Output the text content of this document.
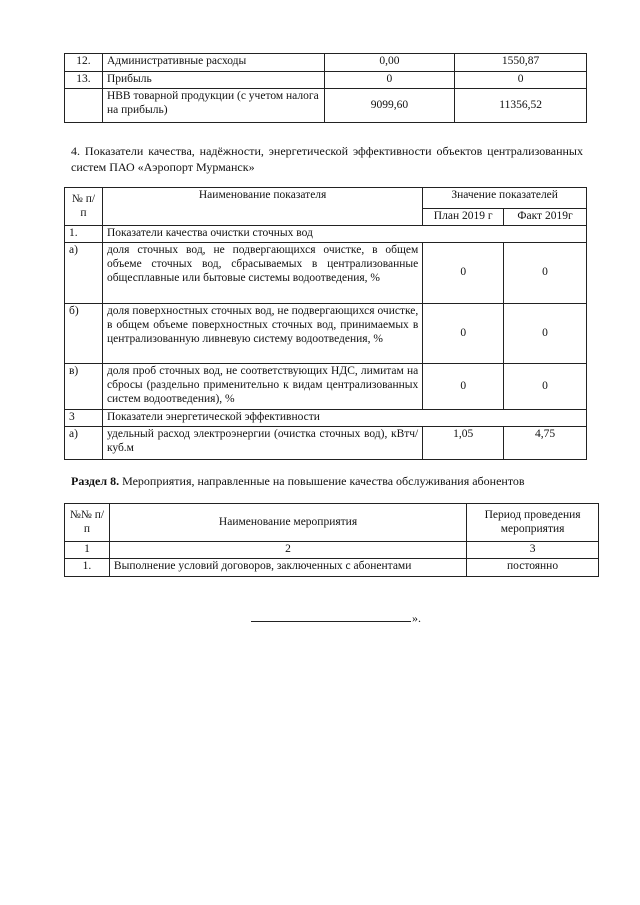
12.	Административные расходы	0,00	1550,87
13.	Прибыль	0	0
	НВВ товарной продукции (с учетом налога на прибыль)	9099,60	11356,52
4. Показатели качества, надёжности, энергетической эффективности объектов централизованных систем ПАО «Аэропорт Мурманск»
№ п/п	Наименование показателя	Значение показателей	
		План 2019 г	Факт 2019г
1.	Показатели качества очистки сточных вод		
а)	доля сточных вод, не подвергающихся очистке, в общем объеме сточных вод, сбрасываемых в централизованные общесплавные или бытовые системы водоотведения, %	0	0
б)	доля поверхностных сточных вод, не подвергающихся очистке, в общем объеме поверхностных сточных вод, принимаемых в централизованную ливневую систему водоотведения, %	0	0
в)	доля проб сточных вод, не соответствующих НДС, лимитам на сбросы (раздельно применительно к видам централизованных систем водоотведения), %	0	0
3	Показатели энергетической эффективности		
а)	удельный расход электроэнергии (очистка сточных вод), кВтч/куб.м	1,05	4,75
Раздел 8. Мероприятия, направленные на повышение качества обслуживания абонентов
№№ п/п	Наименование мероприятия	Период проведения мероприятия
1	2	3
1.	Выполнение условий договоров, заключенных с абонентами	постоянно
».
